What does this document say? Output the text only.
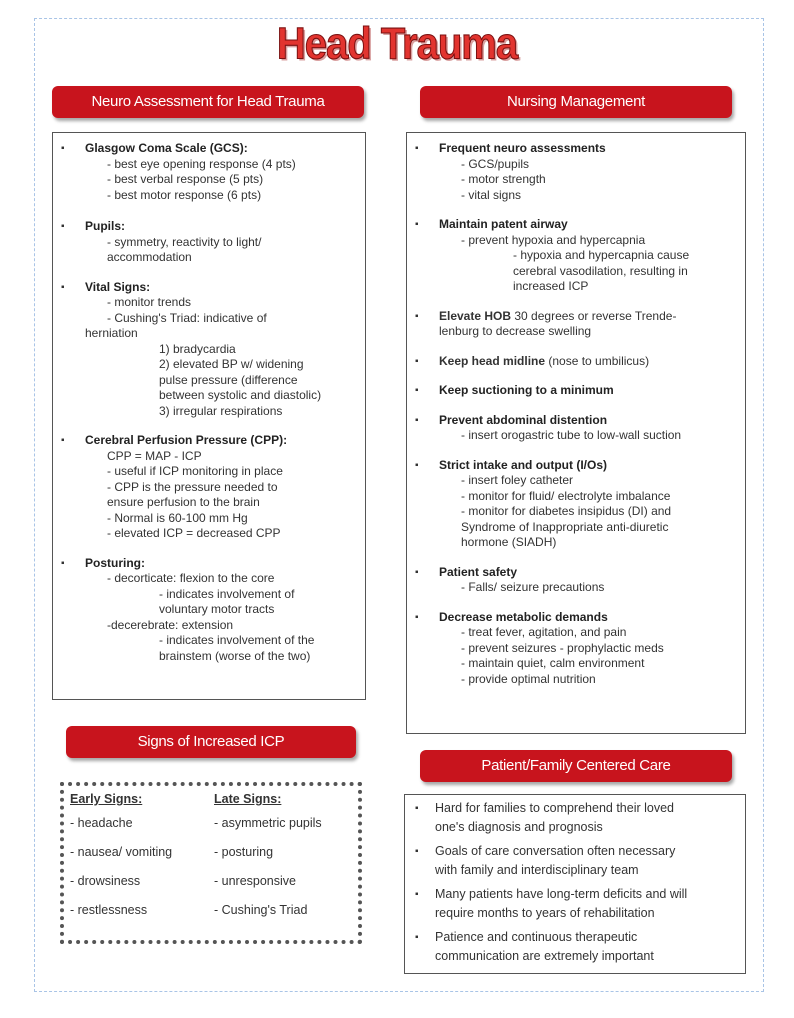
Head Trauma
Neuro Assessment for Head Trauma	Nursing Management
Signs of Increased ICP
Patient/Family Centered Care
▪ Glasgow Coma Scale (GCS):
- best eye opening response (4 pts)
- best verbal response (5 pts)
- best motor response (6 pts)
▪ Pupils:
- symmetry, reactivity to light/
accommodation
▪ Vital Signs:
- monitor trends
- Cushing's Triad: indicative of
herniation
1) bradycardia
2) elevated BP w/ widening
pulse pressure (difference
between systolic and diastolic)
3) irregular respirations
▪ Cerebral Perfusion Pressure (CPP):
CPP = MAP - ICP
- useful if ICP monitoring in place
- CPP is the pressure needed to
ensure perfusion to the brain
- Normal is 60-100 mm Hg
- elevated ICP = decreased CPP
▪ Posturing:
- decorticate: flexion to the core
- indicates involvement of
voluntary motor tracts
-decerebrate: extension
- indicates involvement of the
brainstem (worse of the two)
▪ Frequent neuro assessments
- GCS/pupils
- motor strength
- vital signs
▪ Maintain patent airway
- prevent hypoxia and hypercapnia
- hypoxia and hypercapnia cause
cerebral vasodilation, resulting in
increased ICP
▪ Elevate HOB 30 degrees or reverse Trende-
lenburg to decrease swelling
▪ Keep head midline (nose to umbilicus)
▪ Keep suctioning to a minimum
▪ Prevent abdominal distention
- insert orogastric tube to low-wall suction
▪ Strict intake and output (I/Os)
- insert foley catheter
- monitor for fluid/ electrolyte imbalance
- monitor for diabetes insipidus (DI) and
Syndrome of Inappropriate anti-diuretic
hormone (SIADH)
▪ Patient safety
- Falls/ seizure precautions
▪ Decrease metabolic demands
- treat fever, agitation, and pain
- prevent seizures - prophylactic meds
- maintain quiet, calm environment
- provide optimal nutrition
Early Signs:
- headache
- nausea/ vomiting
- drowsiness
- restlessness
Late Signs:
- asymmetric pupils
- posturing
- unresponsive
- Cushing's Triad
▪ Hard for families to comprehend their loved
one's diagnosis and prognosis
▪ Goals of care conversation often necessary
with family and interdisciplinary team
▪ Many patients have long-term deficits and will
require months to years of rehabilitation
▪ Patience and continuous therapeutic
communication are extremely important
